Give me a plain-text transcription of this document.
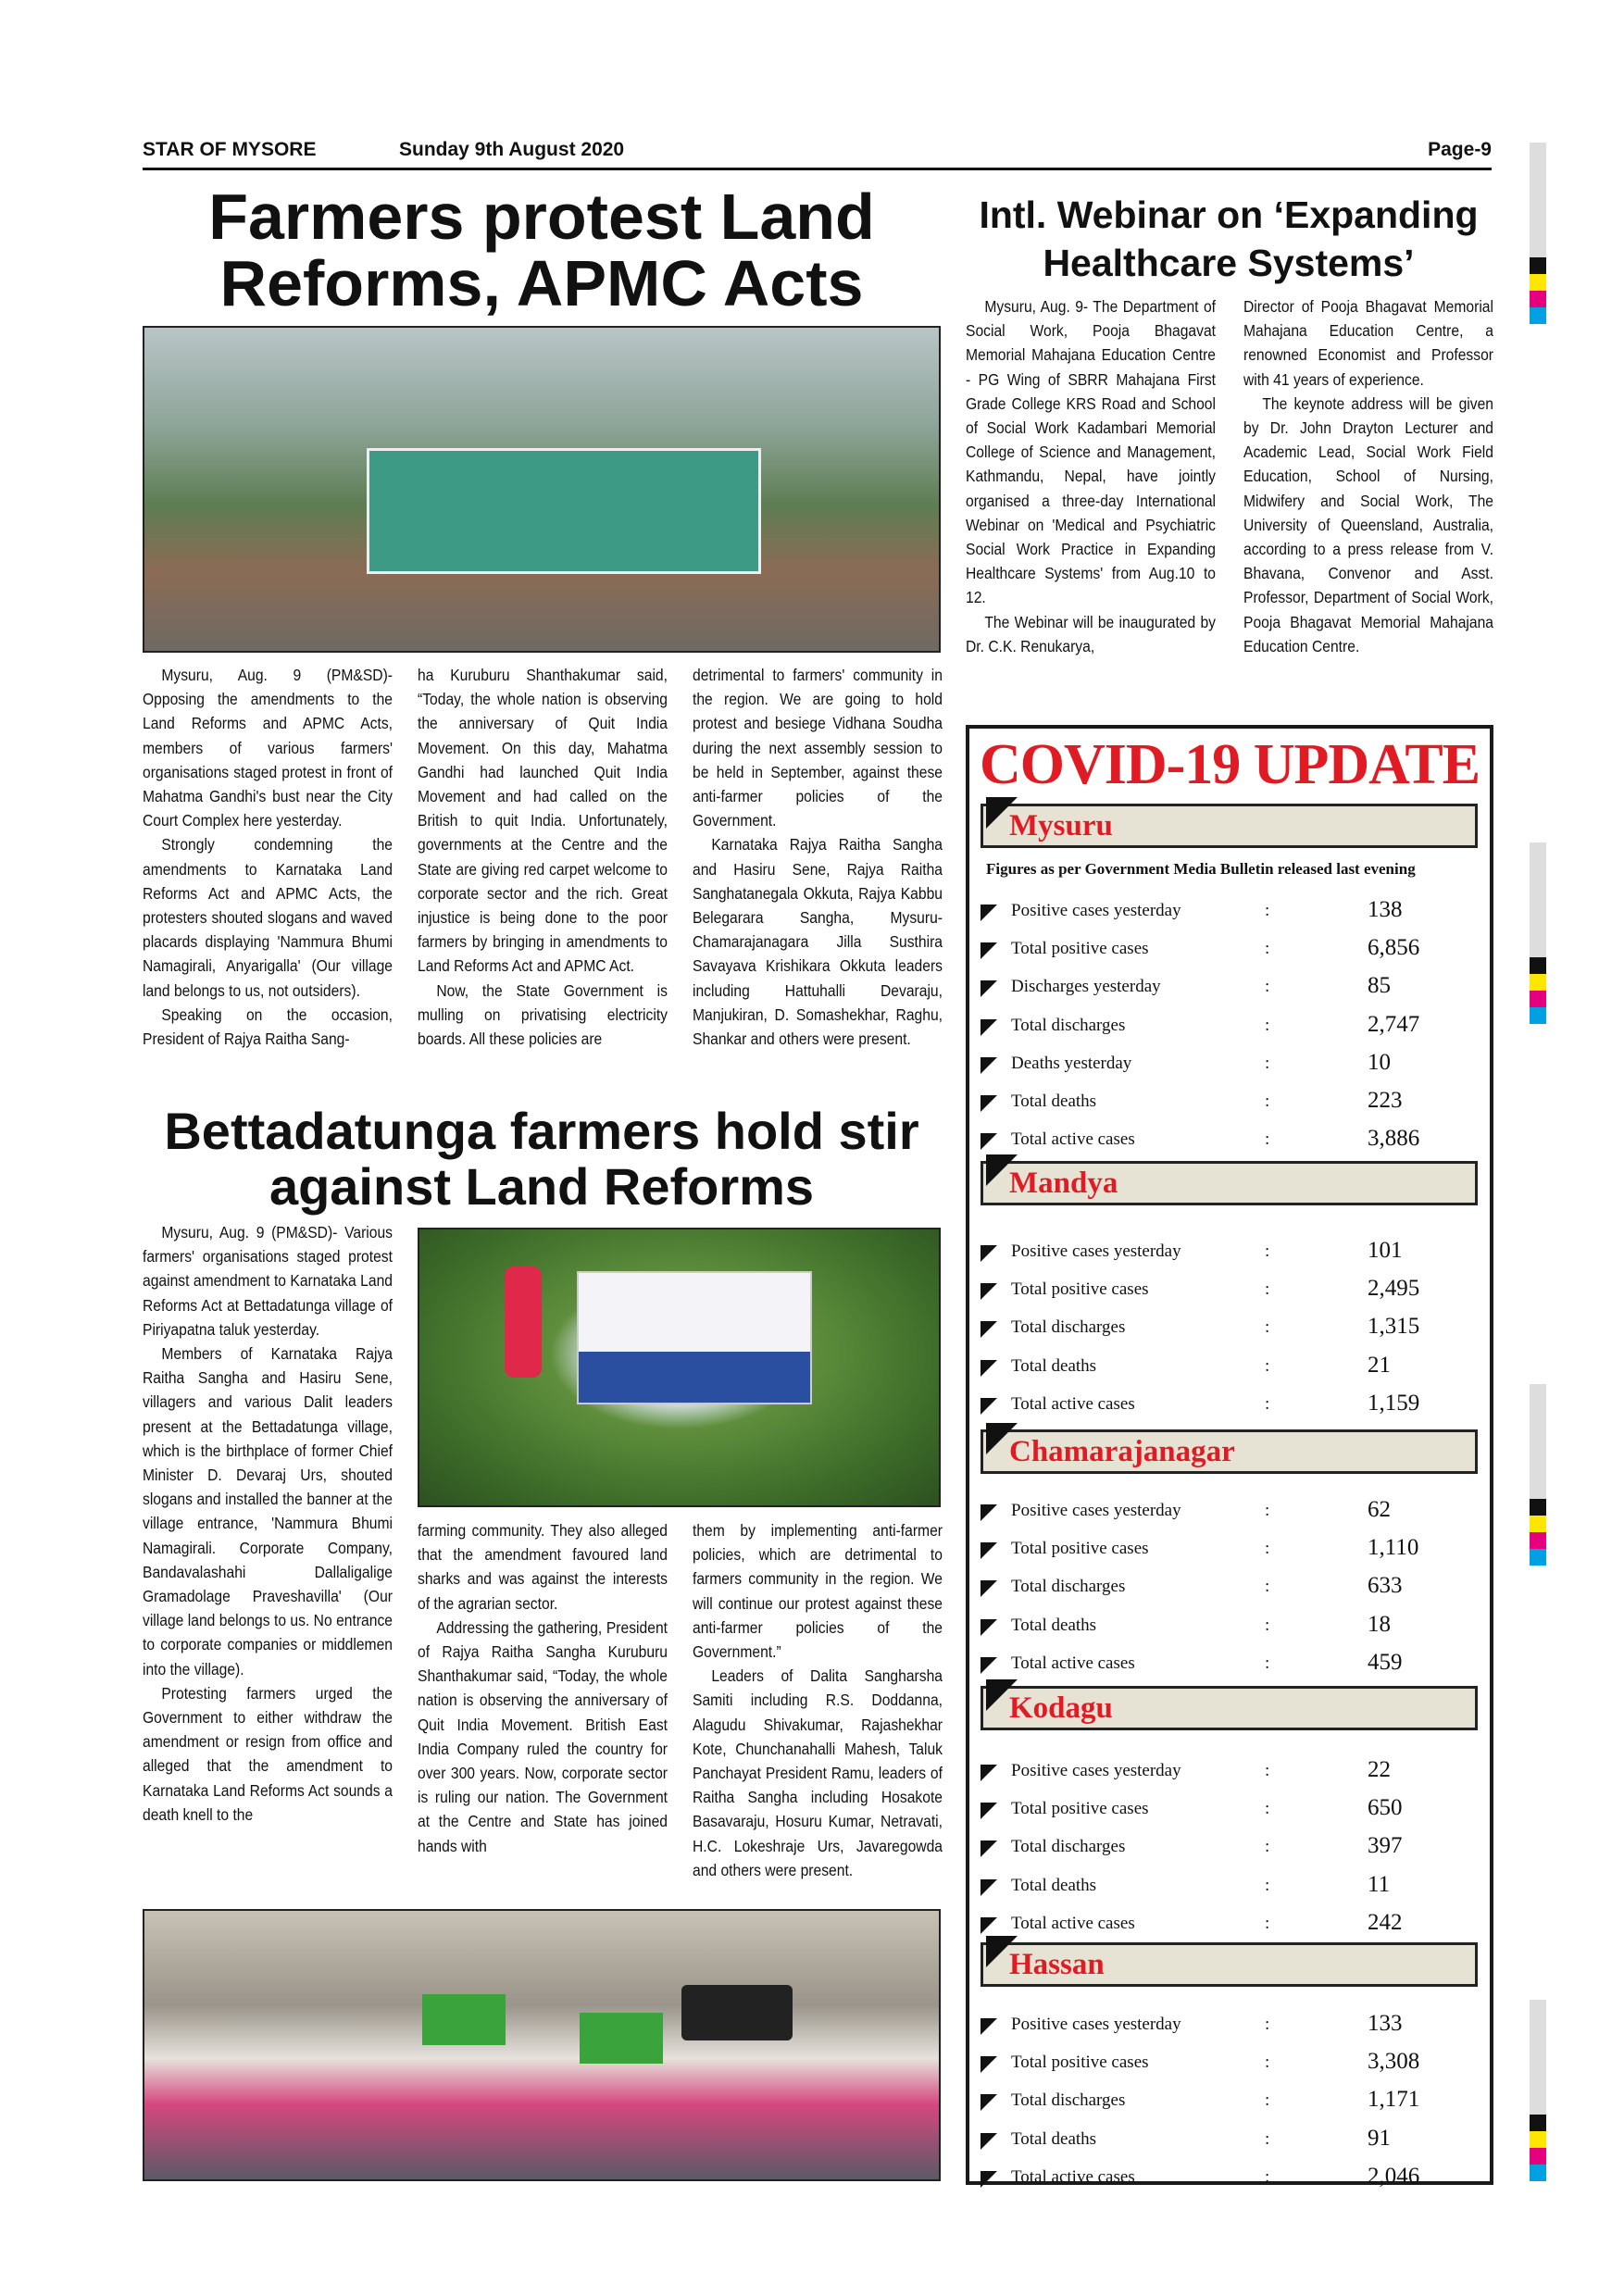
STAR OF MYSORE	Sunday 9th August 2020	Page-9
Farmers protest Land Reforms, APMC Acts

Mysuru, Aug. 9 (PM&SD)- Opposing the amendments to the Land Reforms and APMC Acts, members of various farmers' organisations staged protest in front of Mahatma Gandhi's bust near the City Court Complex here yesterday.

Strongly condemning the amendments to Karnataka Land Reforms Act and APMC Acts, the protesters shouted slogans and waved placards displaying 'Nammura Bhumi Namagirali, Anyarigalla' (Our village land belongs to us, not outsiders).

Speaking on the occasion, President of Rajya Raitha Sang-

ha Kuruburu Shanthakumar said, “Today, the whole nation is observing the anniversary of Quit India Movement. On this day, Mahatma Gandhi had launched Quit India Movement and had called on the British to quit India. Unfortunately, governments at the Centre and the State are giving red carpet welcome to corporate sector and the rich. Great injustice is being done to the poor farmers by bringing in amendments to Land Reforms Act and APMC Act.

Now, the State Government is mulling on privatising electricity boards. All these policies are

detrimental to farmers' community in the region. We are going to hold protest and besiege Vidhana Soudha during the next assembly session to be held in September, against these anti-farmer policies of the Government.

Karnataka Rajya Raitha Sangha and Hasiru Sene, Rajya Raitha Sanghatanegala Okkuta, Rajya Kabbu Belegarara Sangha, Mysuru-Chamarajanagara Jilla Susthira Savayava Krishikara Okkuta leaders including Hattuhalli Devaraju, Manjukiran, D. Somashekhar, Raghu, Shankar and others were present.

Bettadatunga farmers hold stir against Land Reforms

Mysuru, Aug. 9 (PM&SD)- Various farmers' organisations staged protest against amendment to Karnataka Land Reforms Act at Bettadatunga village of Piriyapatna taluk yesterday.

Members of Karnataka Rajya Raitha Sangha and Hasiru Sene, villagers and various Dalit leaders present at the Bettadatunga village, which is the birthplace of former Chief Minister D. Devaraj Urs, shouted slogans and installed the banner at the village entrance, 'Nammura Bhumi Namagirali. Corporate Company, Bandavalashahi Dallaligalige Gramadolage Praveshavilla' (Our village land belongs to us. No entrance to corporate companies or middlemen into the village).

Protesting farmers urged the Government to either withdraw the amendment or resign from office and alleged that the amendment to Karnataka Land Reforms Act sounds a death knell to the

farming community. They also alleged that the amendment favoured land sharks and was against the interests of the agrarian sector.

Addressing the gathering, President of Rajya Raitha Sangha Kuruburu Shanthakumar said, “Today, the whole nation is observing the anniversary of Quit India Movement. British East India Company ruled the country for over 300 years. Now, corporate sector is ruling our nation. The Government at the Centre and State has joined hands with

them by implementing anti-farmer policies, which are detrimental to farmers community in the region. We will continue our protest against these anti-farmer policies of the Government.”

Leaders of Dalita Sangharsha Samiti including R.S. Doddanna, Alagudu Shivakumar, Rajashekhar Kote, Chunchanahalli Mahesh, Taluk Panchayat President Ramu, leaders of Raitha Sangha including Hosakote Basavaraju, Hosuru Kumar, Netravati, H.C. Lokeshraje Urs, Javaregowda and others were present.

Intl. Webinar on ‘Expanding Healthcare Systems’

Mysuru, Aug. 9- The Department of Social Work, Pooja Bhagavat Memorial Mahajana Education Centre - PG Wing of SBRR Mahajana First Grade College KRS Road and School of Social Work Kadambari Memorial College of Science and Management, Kathmandu, Nepal, have jointly organised a three-day International Webinar on 'Medical and Psychiatric Social Work Practice in Expanding Healthcare Systems' from Aug.10 to 12.

The Webinar will be inaugurated by Dr. C.K. Renukarya,

Director of Pooja Bhagavat Memorial Mahajana Education Centre, a renowned Economist and Professor with 41 years of experience.

The keynote address will be given by Dr. John Drayton Lecturer and Academic Lead, Social Work Field Education, School of Nursing, Midwifery and Social Work, The University of Queensland, Australia, according to a press release from V. Bhavana, Convenor and Asst. Professor, Department of Social Work, Pooja Bhagavat Memorial Mahajana Education Centre.

COVID-19 UPDATE
Figures as per Government Media Bulletin released last evening
Mysuru
Positive cases yesterday	:	138
Total positive cases	:	6,856
Discharges yesterday	:	85
Total discharges	:	2,747
Deaths yesterday	:	10
Total deaths	:	223
Total active cases	:	3,886
Mandya
Positive cases yesterday	:	101
Total positive cases	:	2,495
Total discharges	:	1,315
Total deaths	:	21
Total active cases	:	1,159
Chamarajanagar
Positive cases yesterday	:	62
Total positive cases	:	1,110
Total discharges	:	633
Total deaths	:	18
Total active cases	:	459
Kodagu
Positive cases yesterday	:	22
Total positive cases	:	650
Total discharges	:	397
Total deaths	:	11
Total active cases	:	242
Hassan
Positive cases yesterday	:	133
Total positive cases	:	3,308
Total discharges	:	1,171
Total deaths	:	91
Total active cases	:	2,046
